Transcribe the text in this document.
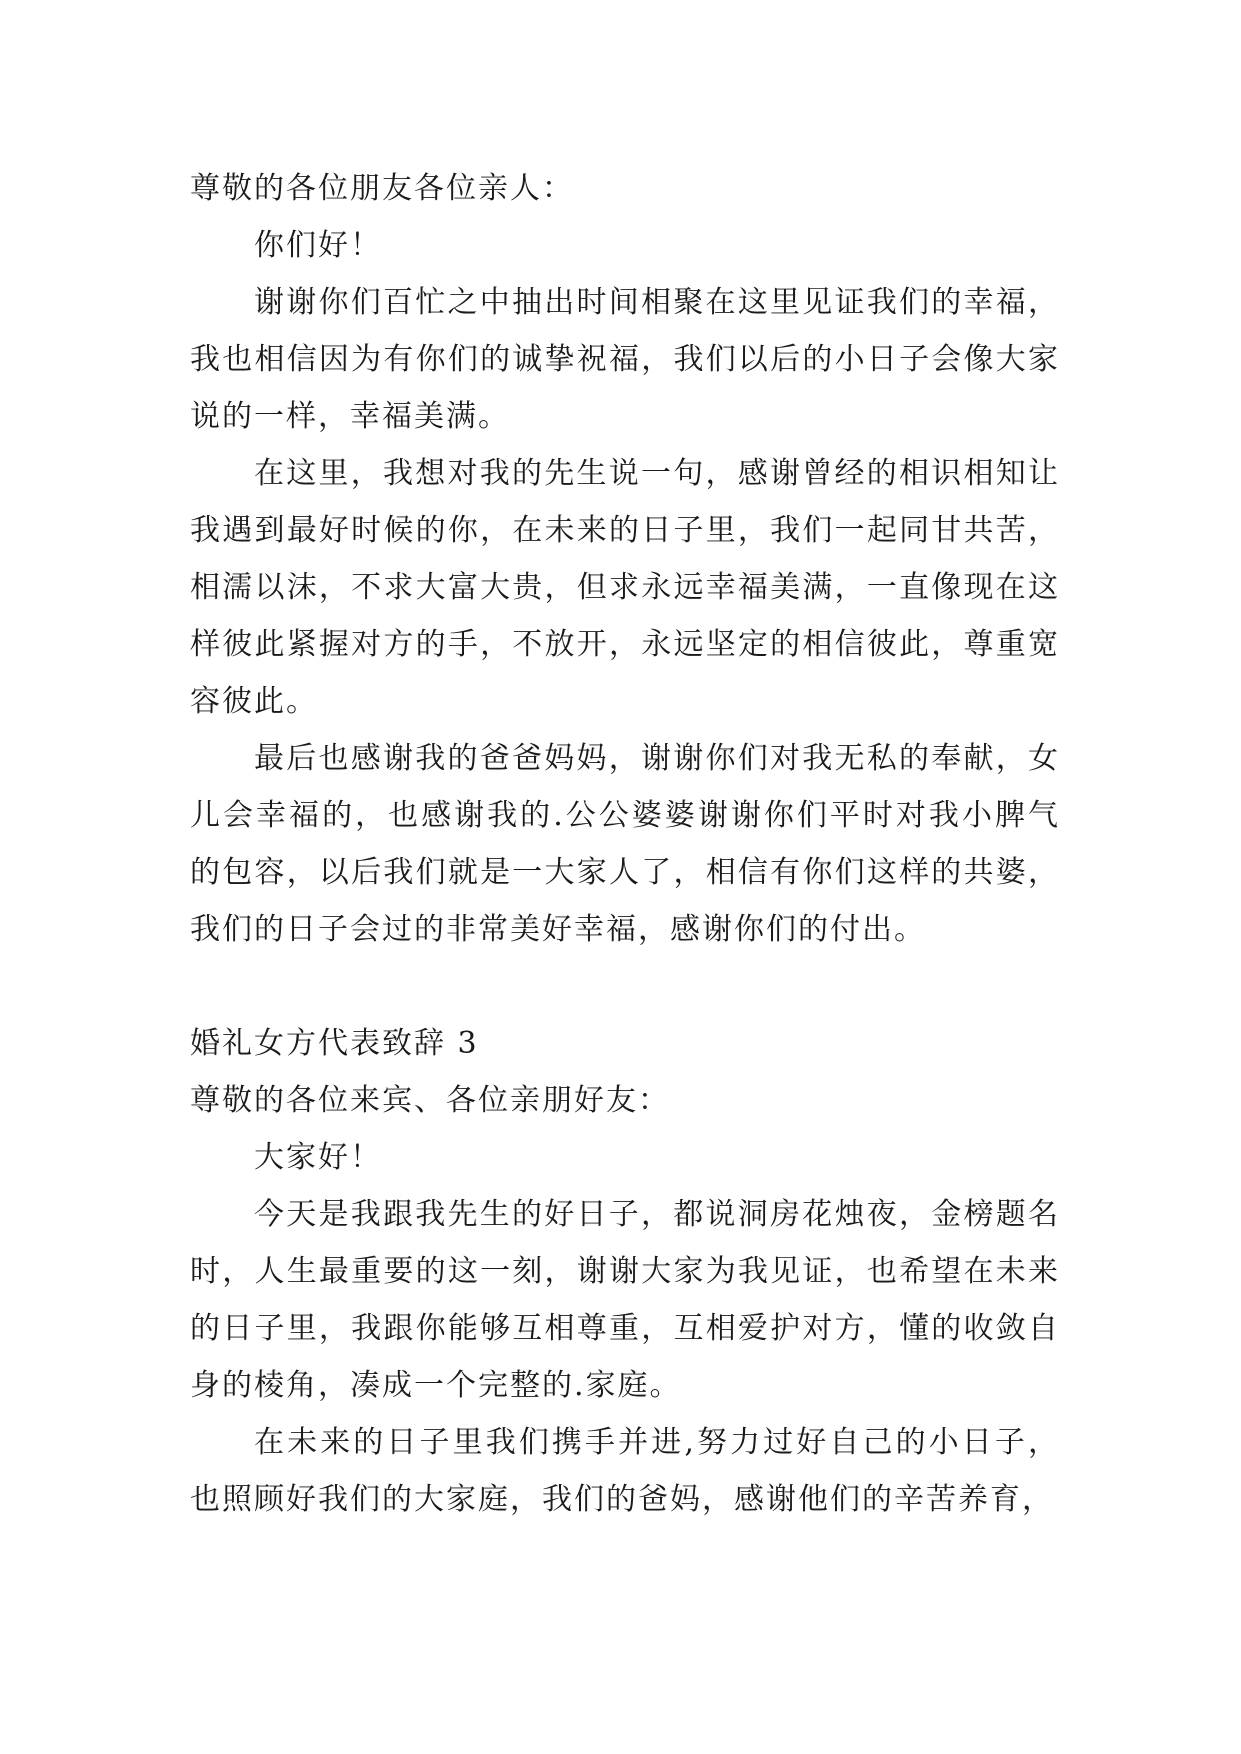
尊敬的各位朋友各位亲人：

你们好！

谢谢你们百忙之中抽出时间相聚在这里见证我们的幸福，我也相信因为有你们的诚挚祝福，我们以后的小日子会像大家说的一样，幸福美满。

在这里，我想对我的先生说一句，感谢曾经的相识相知让我遇到最好时候的你，在未来的日子里，我们一起同甘共苦，相濡以沫，不求大富大贵，但求永远幸福美满，一直像现在这样彼此紧握对方的手，不放开，永远坚定的相信彼此，尊重宽容彼此。

最后也感谢我的爸爸妈妈，谢谢你们对我无私的奉献，女儿会幸福的，也感谢我的.公公婆婆谢谢你们平时对我小脾气的包容，以后我们就是一大家人了，相信有你们这样的共婆，我们的日子会过的非常美好幸福，感谢你们的付出。

婚礼女方代表致辞 3

尊敬的各位来宾、各位亲朋好友：

大家好！

今天是我跟我先生的好日子，都说洞房花烛夜，金榜题名时，人生最重要的这一刻，谢谢大家为我见证，也希望在未来的日子里，我跟你能够互相尊重，互相爱护对方，懂的收敛自身的棱角，凑成一个完整的.家庭。

在未来的日子里我们携手并进,努力过好自己的小日子，也照顾好我们的大家庭，我们的爸妈，感谢他们的辛苦养育，
